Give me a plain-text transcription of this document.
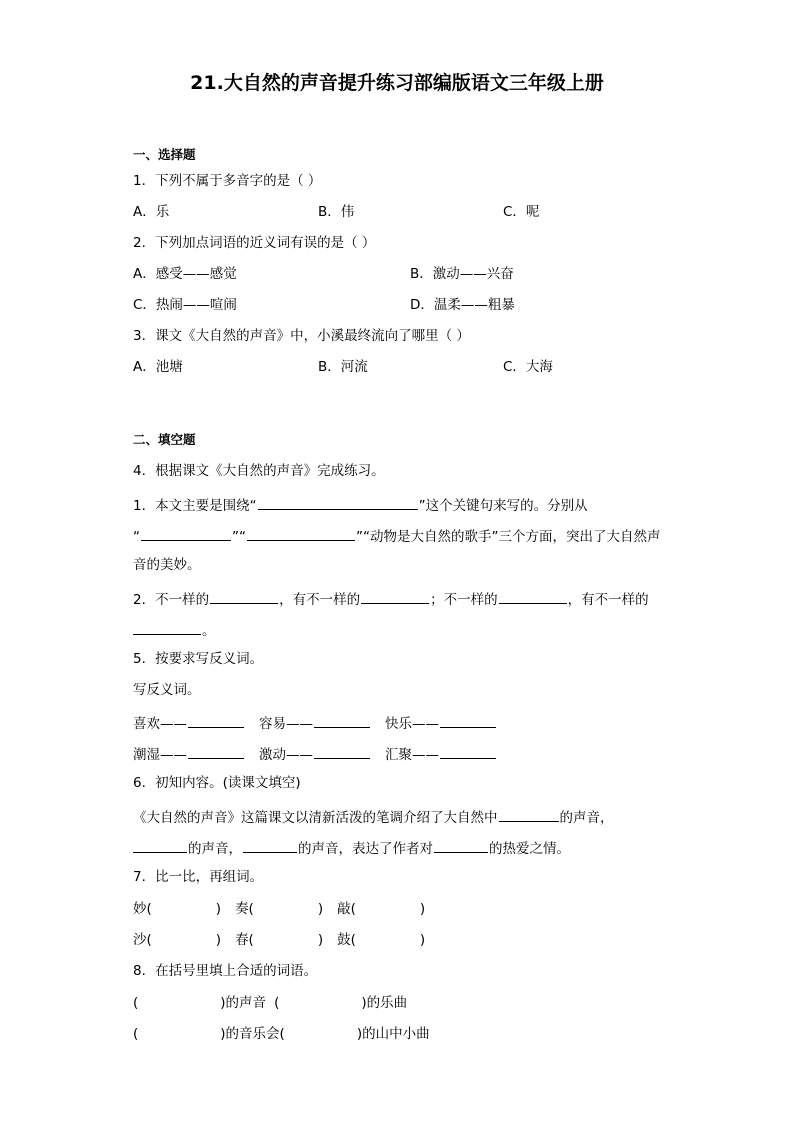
21.大自然的声音提升练习部编版语文三年级上册
一、选择题
1．下列不属于多音字的是（ ）
A．乐	B．伟	C．呢
2．下列加点词语的近义词有误的是（ ）
A．感受——感觉	B．激动——兴奋
C．热闹——喧闹	D．温柔——粗暴
3．课文《大自然的声音》中，小溪最终流向了哪里（ ）
A．池塘	B．河流	C．大海
二、填空题
4．根据课文《大自然的声音》完成练习。
1．本文主要是围绕“	”这个关键句来写的。分别从
“	”“	”“动物是大自然的歌手”三个方面，突出了大自然声
音的美妙。
2．不一样的	，有不一样的	；不一样的	，有不一样的
。
5．按要求写反义词。
写反义词。
喜欢——	容易——	快乐——
潮湿——	激动——	汇聚——
6．初知内容。(读课文填空)
《大自然的声音》这篇课文以清新活泼的笔调介绍了大自然中	的声音，
的声音，	的声音，表达了作者对	的热爱之情。
7．比一比，再组词。
妙(	) 奏(	) 敲(	)
沙(	) 春(	) 鼓(	)
8．在括号里填上合适的词语。
(	)的声音 (	)的乐曲
(	)的音乐会(	)的山中小曲
